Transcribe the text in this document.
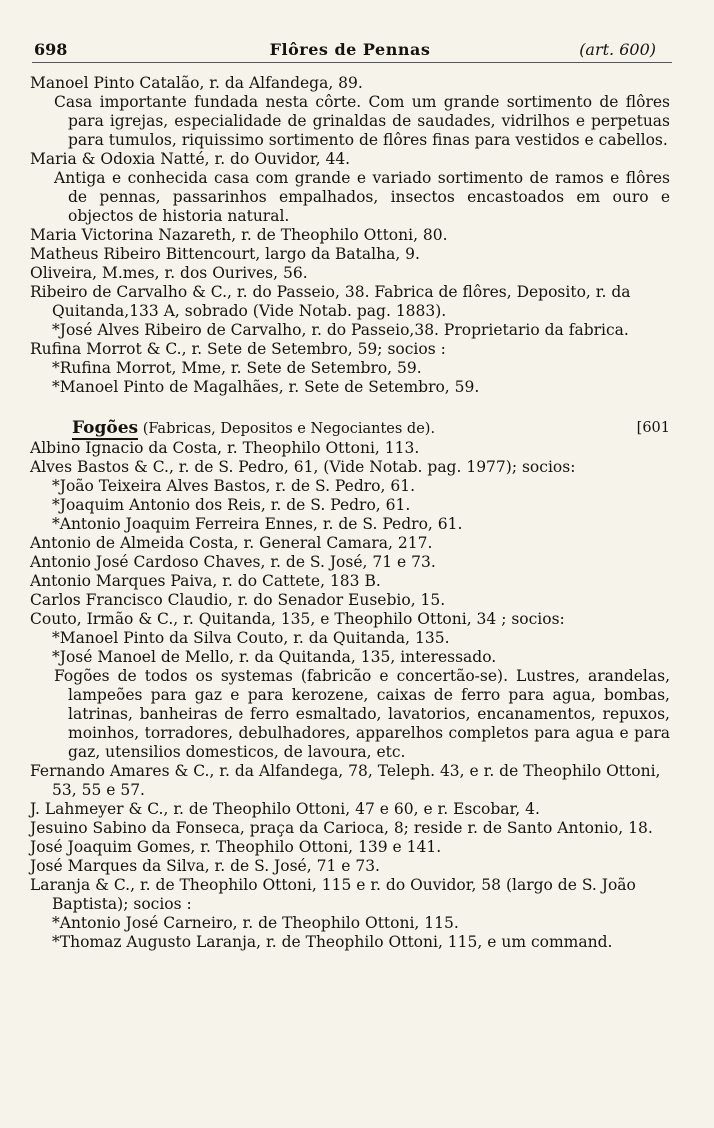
698	Flôres de Pennas	(art. 600)

Manoel Pinto Catalão, r. da Alfandega, 89.

Casa importante fundada nesta côrte. Com um grande sortimento de flôres para igrejas, especialidade de grinaldas de saudades, vidrilhos e perpetuas para tumulos, riquissimo sortimento de flôres finas para vestidos e cabellos.

Maria & Odoxia Natté, r. do Ouvidor, 44.

Antiga e conhecida casa com grande e variado sortimento de ramos e flôres de pennas, passarinhos empalhados, insectos encastoados em ouro e objectos de historia natural.

Maria Victorina Nazareth, r. de Theophilo Ottoni, 80.

Matheus Ribeiro Bittencourt, largo da Batalha, 9.

Oliveira, M.mes, r. dos Ourives, 56.

Ribeiro de Carvalho & C., r. do Passeio, 38. Fabrica de flôres, Deposito, r. da Quitanda,133 A, sobrado (Vide Notab. pag. 1883).

*José Alves Ribeiro de Carvalho, r. do Passeio,38. Proprietario da fabrica.

Rufina Morrot & C., r. Sete de Setembro, 59; socios :

*Rufina Morrot, Mme, r. Sete de Setembro, 59.

*Manoel Pinto de Magalhães, r. Sete de Setembro, 59.

Fogões (Fabricas, Depositos e Negociantes de).	[601

Albino Ignacio da Costa, r. Theophilo Ottoni, 113.

Alves Bastos & C., r. de S. Pedro, 61, (Vide Notab. pag. 1977); socios:

*João Teixeira Alves Bastos, r. de S. Pedro, 61.

*Joaquim Antonio dos Reis, r. de S. Pedro, 61.

*Antonio Joaquim Ferreira Ennes, r. de S. Pedro, 61.

Antonio de Almeida Costa, r. General Camara, 217.

Antonio José Cardoso Chaves, r. de S. José, 71 e 73.

Antonio Marques Paiva, r. do Cattete, 183 B.

Carlos Francisco Claudio, r. do Senador Eusebio, 15.

Couto, Irmão & C., r. Quitanda, 135, e Theophilo Ottoni, 34 ; socios:

*Manoel Pinto da Silva Couto, r. da Quitanda, 135.

*José Manoel de Mello, r. da Quitanda, 135, interessado.

Fogões de todos os systemas (fabricão e concertão-se). Lustres, arandelas, lampeões para gaz e para kerozene, caixas de ferro para agua, bombas, latrinas, banheiras de ferro esmaltado, lavatorios, encanamentos, repuxos, moinhos, torradores, debulhadores, apparelhos completos para agua e para gaz, utensilios domesticos, de lavoura, etc.

Fernando Amares & C., r. da Alfandega, 78, Teleph. 43, e r. de Theophilo Ottoni, 53, 55 e 57.

J. Lahmeyer & C., r. de Theophilo Ottoni, 47 e 60, e r. Escobar, 4.

Jesuino Sabino da Fonseca, praça da Carioca, 8; reside r. de Santo Antonio, 18.

José Joaquim Gomes, r. Theophilo Ottoni, 139 e 141.

José Marques da Silva, r. de S. José, 71 e 73.

Laranja & C., r. de Theophilo Ottoni, 115 e r. do Ouvidor, 58 (largo de S. João Baptista); socios :

*Antonio José Carneiro, r. de Theophilo Ottoni, 115.

*Thomaz Augusto Laranja, r. de Theophilo Ottoni, 115, e um command.
